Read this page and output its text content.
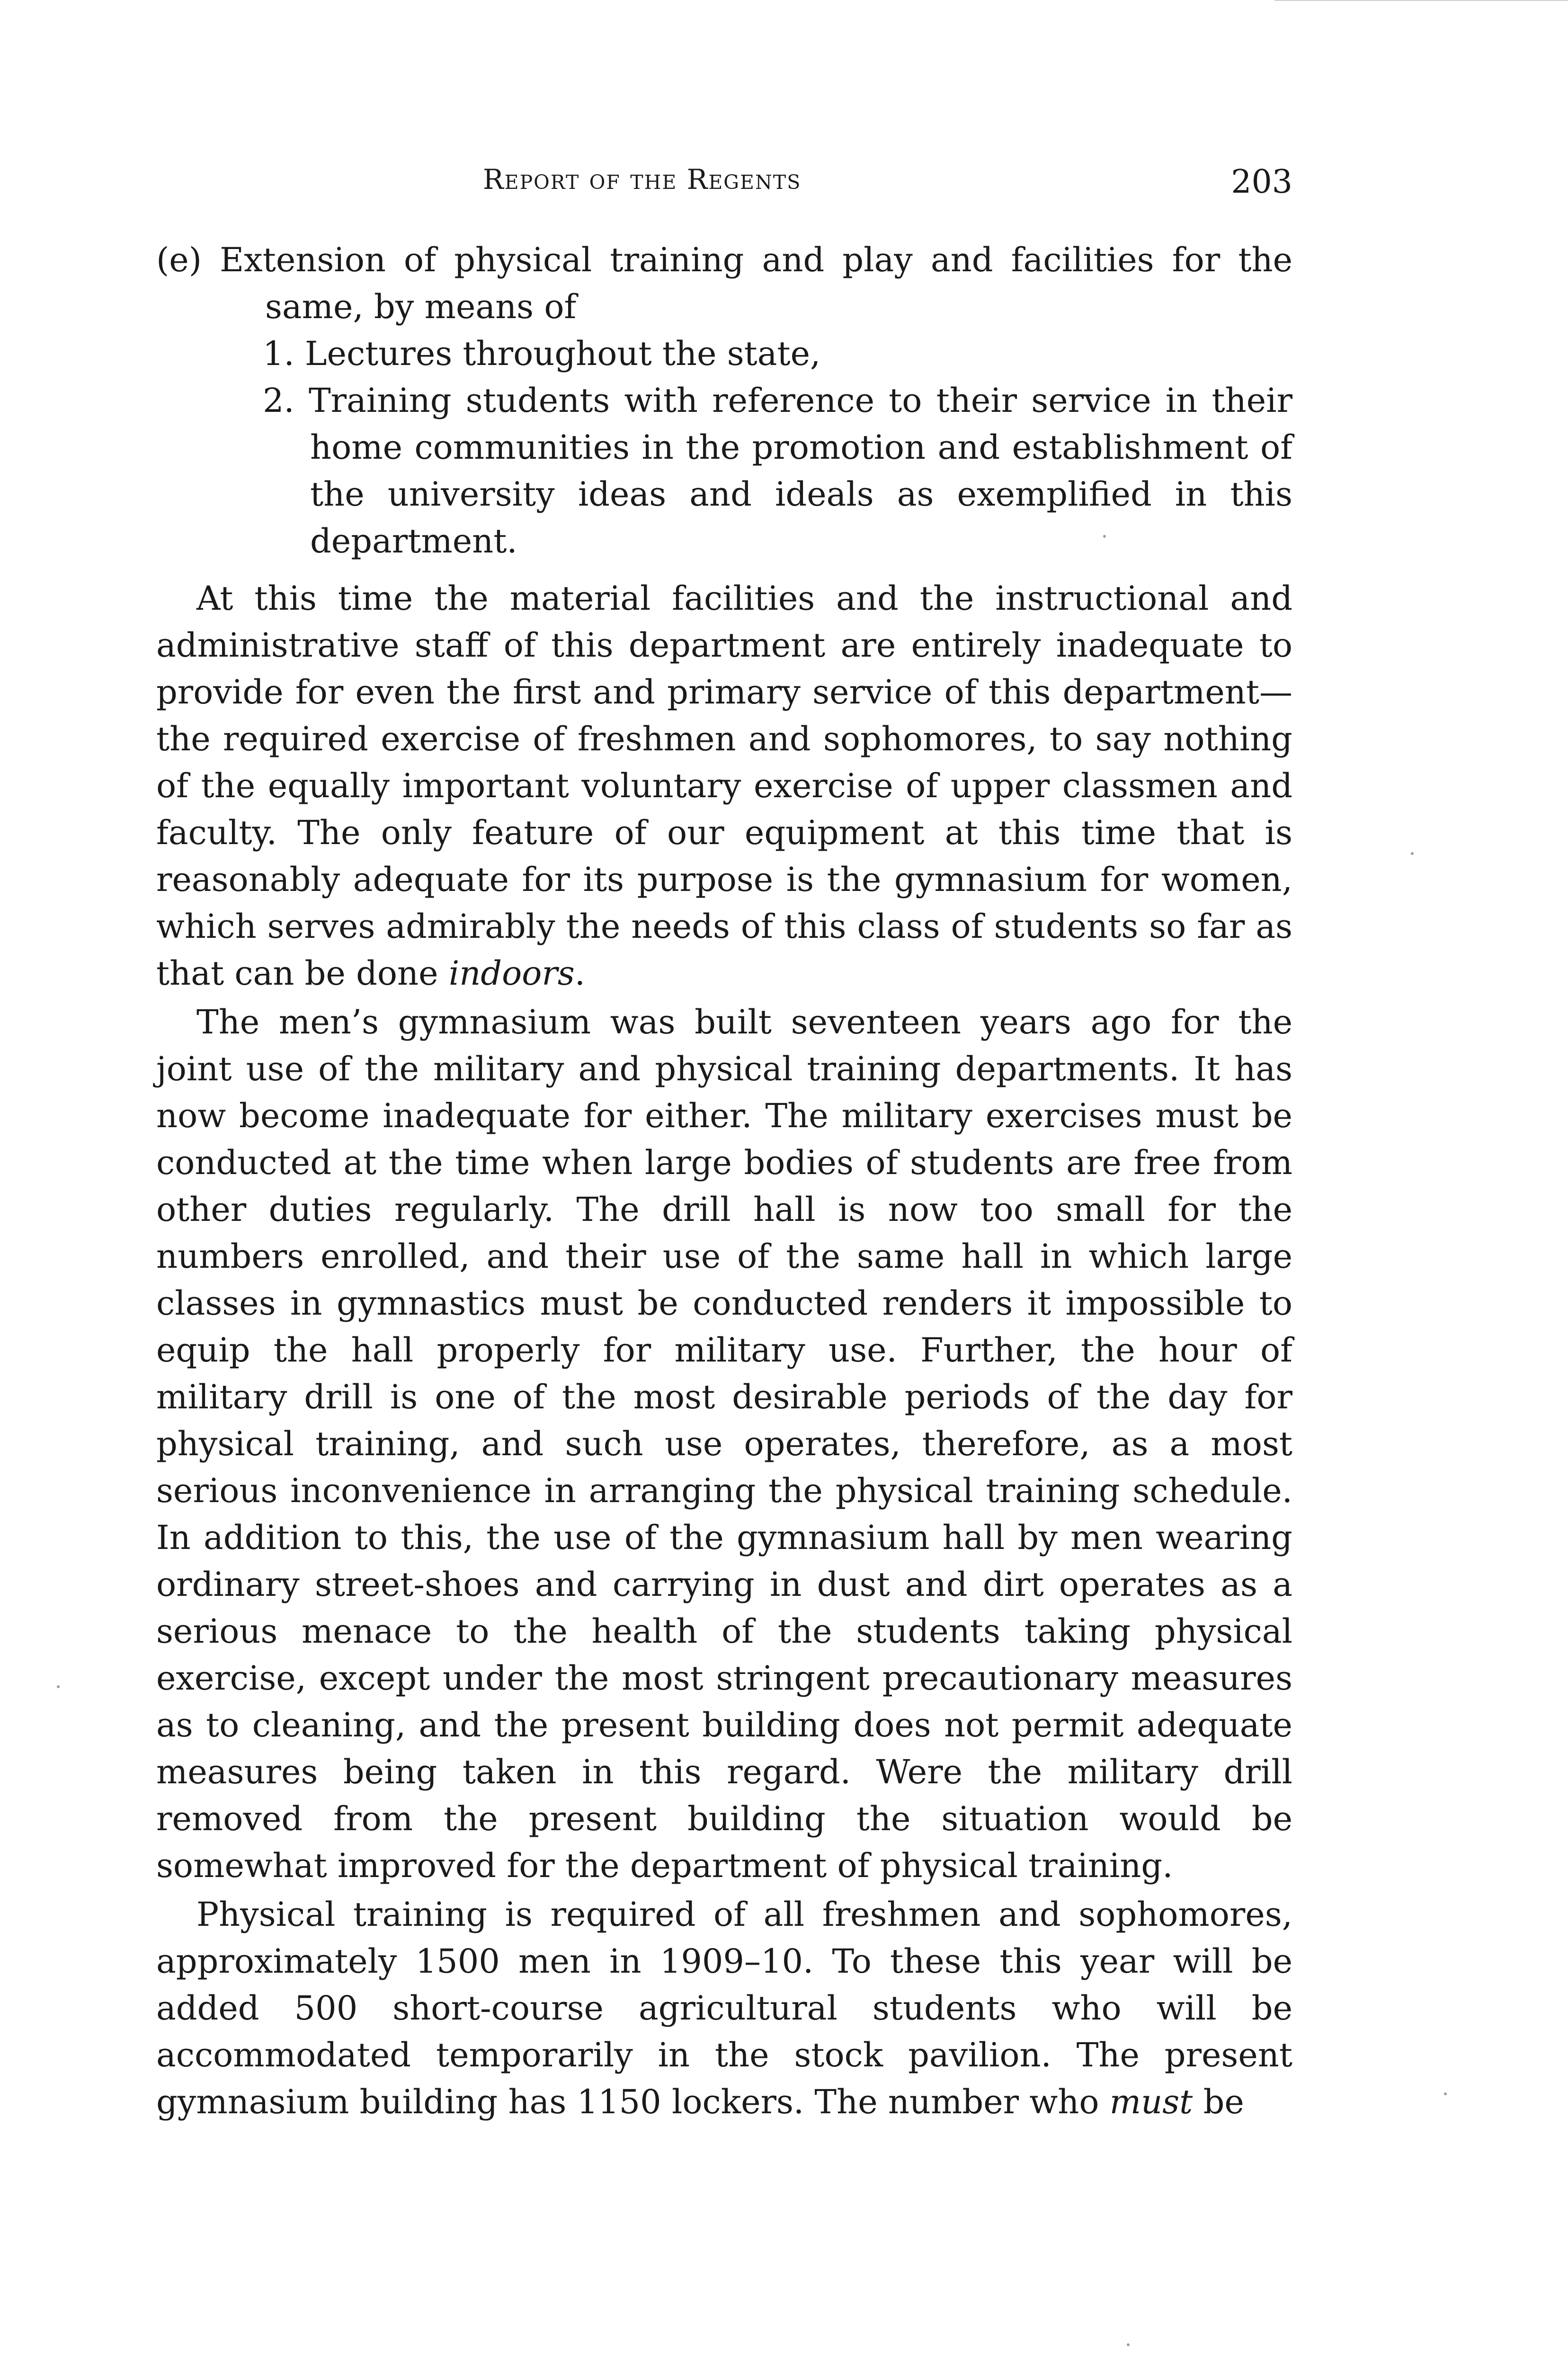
Report of the Regents	203

(e) Extension of physical training and play and facilities for the same, by means of

1. Lectures throughout the state,

2. Training students with reference to their service in their home communities in the promotion and establishment of the university ideas and ideals as exemplified in this department.

At this time the material facilities and the instructional and administrative staff of this department are entirely inadequate to provide for even the first and primary service of this department—the required exercise of freshmen and sophomores, to say nothing of the equally important voluntary exercise of upper classmen and faculty. The only feature of our equipment at this time that is reasonably adequate for its purpose is the gymnasium for women, which serves admirably the needs of this class of students so far as that can be done indoors.

The men’s gymnasium was built seventeen years ago for the joint use of the military and physical training departments. It has now become inadequate for either. The military exercises must be conducted at the time when large bodies of students are free from other duties regularly. The drill hall is now too small for the numbers enrolled, and their use of the same hall in which large classes in gymnastics must be conducted renders it impossible to equip the hall properly for military use. Further, the hour of military drill is one of the most desirable periods of the day for physical training, and such use operates, therefore, as a most serious inconvenience in arranging the physical training schedule. In addition to this, the use of the gymnasium hall by men wearing ordinary street-shoes and carrying in dust and dirt operates as a serious menace to the health of the students taking physical exercise, except under the most stringent precautionary measures as to cleaning, and the present building does not permit adequate measures being taken in this regard. Were the military drill removed from the present building the situation would be somewhat improved for the department of physical training.

Physical training is required of all freshmen and sophomores, approximately 1500 men in 1909–10. To these this year will be added 500 short-course agricultural students who will be accommodated temporarily in the stock pavilion. The present gymnasium building has 1150 lockers. The number who must be
